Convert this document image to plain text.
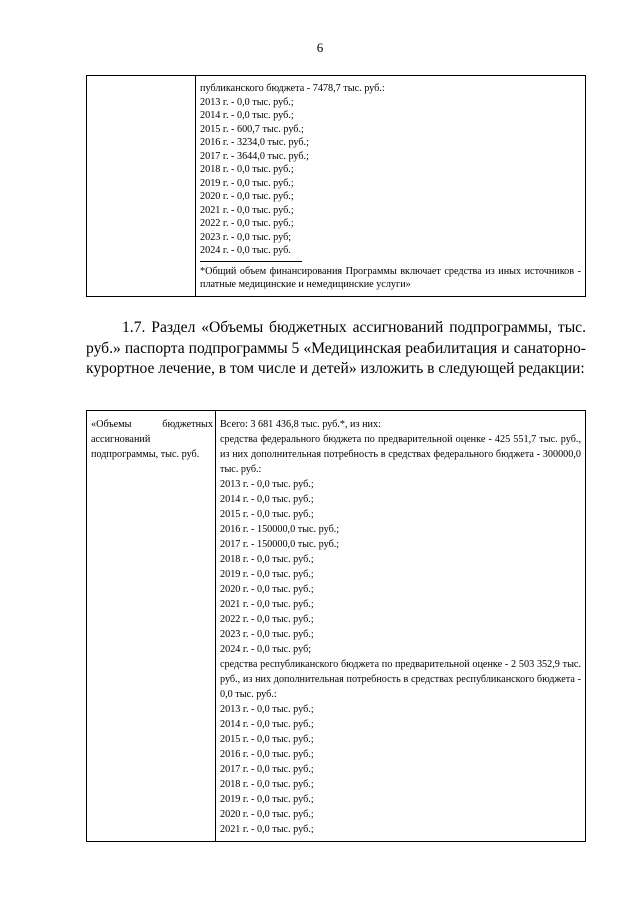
6

публиканского бюджета - 7478,7 тыс. руб.:
2013 г. - 0,0 тыс. руб.;
2014 г. - 0,0 тыс. руб.;
2015 г. - 600,7 тыс. руб.;
2016 г. - 3234,0 тыс. руб.;
2017 г. - 3644,0 тыс. руб.;
2018 г. - 0,0 тыс. руб.;
2019 г. - 0,0 тыс. руб.;
2020 г. - 0,0 тыс. руб.;
2021 г. - 0,0 тыс. руб.;
2022 г. - 0,0 тыс. руб.;
2023 г. - 0,0 тыс. руб;
2024 г. - 0,0 тыс. руб.
*Общий объем финансирования Программы включает средства из иных источников - платные медицинские и немедицинские услуги»
1.7. Раздел «Объемы бюджетных ассигнований подпрограммы, тыс. руб.» паспорта подпрограммы 5 «Медицинская реабилитация и санаторно-курортное лечение, в том числе и детей» изложить в следующей редакции:
«Объемы бюджетных ассигнований подпрограммы, тыс. руб.

Всего: 3 681 436,8 тыс. руб.*, из них:
средства федерального бюджета по предварительной оценке - 425 551,7 тыс. руб., из них дополнительная потребность в средствах федерального бюджета - 300000,0 тыс. руб.:
2013 г. - 0,0 тыс. руб.;
2014 г. - 0,0 тыс. руб.;
2015 г. - 0,0 тыс. руб.;
2016 г. - 150000,0 тыс. руб.;
2017 г. - 150000,0 тыс. руб.;
2018 г. - 0,0 тыс. руб.;
2019 г. - 0,0 тыс. руб.;
2020 г. - 0,0 тыс. руб.;
2021 г. - 0,0 тыс. руб.;
2022 г. - 0,0 тыс. руб.;
2023 г. - 0,0 тыс. руб.;
2024 г. - 0,0 тыс. руб;
средства республиканского бюджета по предварительной оценке - 2 503 352,9 тыс. руб., из них дополнительная потребность в средствах республиканского бюджета - 0,0 тыс. руб.:
2013 г. - 0,0 тыс. руб.;
2014 г. - 0,0 тыс. руб.;
2015 г. - 0,0 тыс. руб.;
2016 г. - 0,0 тыс. руб.;
2017 г. - 0,0 тыс. руб.;
2018 г. - 0,0 тыс. руб.;
2019 г. - 0,0 тыс. руб.;
2020 г. - 0,0 тыс. руб.;
2021 г. - 0,0 тыс. руб.;
